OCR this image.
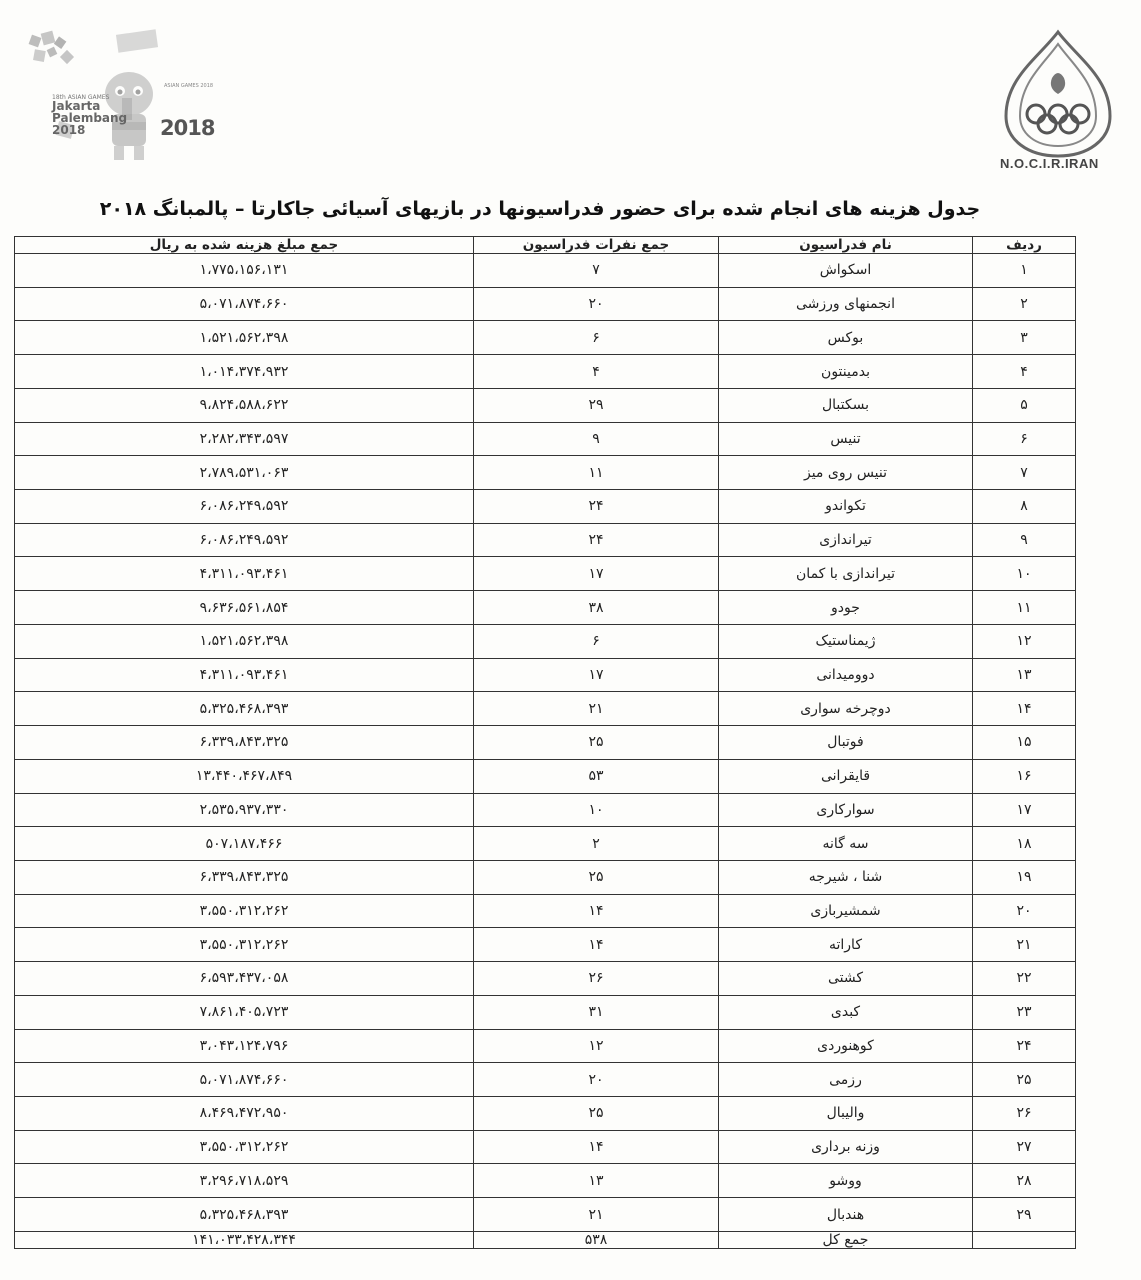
18th ASIAN GAMES
Jakarta
Palembang
2018
ASIAN GAMES 2018
2018
N.O.C.I.R.IRAN
جدول هزینه های انجام شده برای حضور فدراسیونها در بازیهای آسیائی جاکارتا – پالمبانگ ۲۰۱۸
ردیف	نام فدراسیون	جمع نفرات فدراسیون	جمع مبلغ هزینه شده به ریال
۱	اسکواش	۷	۱،۷۷۵،۱۵۶،۱۳۱
۲	انجمنهای ورزشی	۲۰	۵،۰۷۱،۸۷۴،۶۶۰
۳	بوکس	۶	۱،۵۲۱،۵۶۲،۳۹۸
۴	بدمینتون	۴	۱،۰۱۴،۳۷۴،۹۳۲
۵	بسکتبال	۲۹	۹،۸۲۴،۵۸۸،۶۲۲
۶	تنیس	۹	۲،۲۸۲،۳۴۳،۵۹۷
۷	تنیس روی میز	۱۱	۲،۷۸۹،۵۳۱،۰۶۳
۸	تکواندو	۲۴	۶،۰۸۶،۲۴۹،۵۹۲
۹	تیراندازی	۲۴	۶،۰۸۶،۲۴۹،۵۹۲
۱۰	تیراندازی با کمان	۱۷	۴،۳۱۱،۰۹۳،۴۶۱
۱۱	جودو	۳۸	۹،۶۳۶،۵۶۱،۸۵۴
۱۲	ژیمناستیک	۶	۱،۵۲۱،۵۶۲،۳۹۸
۱۳	دوومیدانی	۱۷	۴،۳۱۱،۰۹۳،۴۶۱
۱۴	دوچرخه سواری	۲۱	۵،۳۲۵،۴۶۸،۳۹۳
۱۵	فوتبال	۲۵	۶،۳۳۹،۸۴۳،۳۲۵
۱۶	قایقرانی	۵۳	۱۳،۴۴۰،۴۶۷،۸۴۹
۱۷	سوارکاری	۱۰	۲،۵۳۵،۹۳۷،۳۳۰
۱۸	سه گانه	۲	۵۰۷،۱۸۷،۴۶۶
۱۹	شنا ، شیرجه	۲۵	۶،۳۳۹،۸۴۳،۳۲۵
۲۰	شمشیربازی	۱۴	۳،۵۵۰،۳۱۲،۲۶۲
۲۱	کاراته	۱۴	۳،۵۵۰،۳۱۲،۲۶۲
۲۲	کشتی	۲۶	۶،۵۹۳،۴۳۷،۰۵۸
۲۳	کبدی	۳۱	۷،۸۶۱،۴۰۵،۷۲۳
۲۴	کوهنوردی	۱۲	۳،۰۴۳،۱۲۴،۷۹۶
۲۵	رزمی	۲۰	۵،۰۷۱،۸۷۴،۶۶۰
۲۶	والیبال	۲۵	۸،۴۶۹،۴۷۲،۹۵۰
۲۷	وزنه برداری	۱۴	۳،۵۵۰،۳۱۲،۲۶۲
۲۸	ووشو	۱۳	۳،۲۹۶،۷۱۸،۵۲۹
۲۹	هندبال	۲۱	۵،۳۲۵،۴۶۸،۳۹۳
	جمع کل	۵۳۸	۱۴۱،۰۳۳،۴۲۸،۳۴۴
